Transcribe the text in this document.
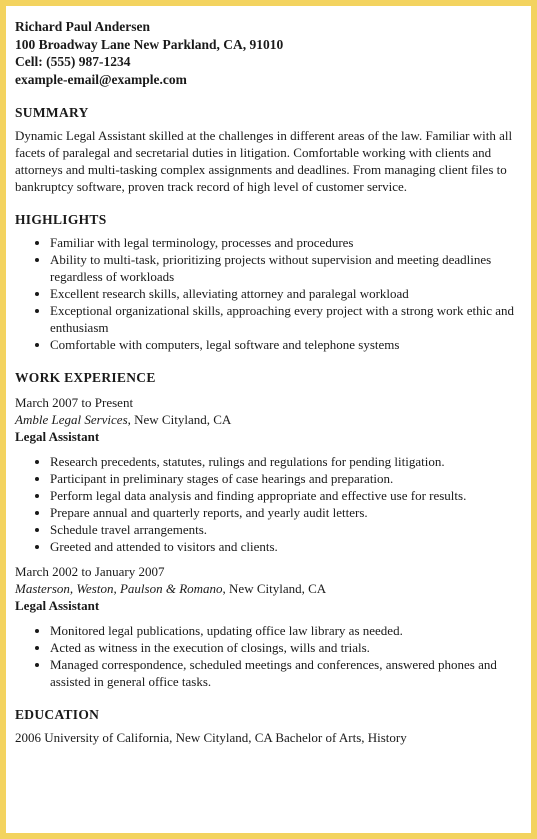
Richard Paul Andersen
100 Broadway Lane New Parkland, CA, 91010
Cell: (555) 987-1234
example-email@example.com
SUMMARY

Dynamic Legal Assistant skilled at the challenges in different areas of the law. Familiar with all facets of paralegal and secretarial duties in litigation. Comfortable working with clients and attorneys and multi-tasking complex assignments and deadlines. From managing client files to bankruptcy software, proven track record of high level of customer service.

HIGHLIGHTS
• Familiar with legal terminology, processes and procedures
• Ability to multi-task, prioritizing projects without supervision and meeting deadlines regardless of workloads
• Excellent research skills, alleviating attorney and paralegal workload
• Exceptional organizational skills, approaching every project with a strong work ethic and enthusiasm
• Comfortable with computers, legal software and telephone systems
WORK EXPERIENCE
March 2007 to Present
Amble Legal Services, New Cityland, CA
Legal Assistant
• Research precedents, statutes, rulings and regulations for pending litigation.
• Participant in preliminary stages of case hearings and preparation.
• Perform legal data analysis and finding appropriate and effective use for results.
• Prepare annual and quarterly reports, and yearly audit letters.
• Schedule travel arrangements.
• Greeted and attended to visitors and clients.
March 2002 to January 2007
Masterson, Weston, Paulson & Romano, New Cityland, CA
Legal Assistant
• Monitored legal publications, updating office law library as needed.
• Acted as witness in the execution of closings, wills and trials.
• Managed correspondence, scheduled meetings and conferences, answered phones and assisted in general office tasks.
EDUCATION
2006 University of California, New Cityland, CA Bachelor of Arts, History
